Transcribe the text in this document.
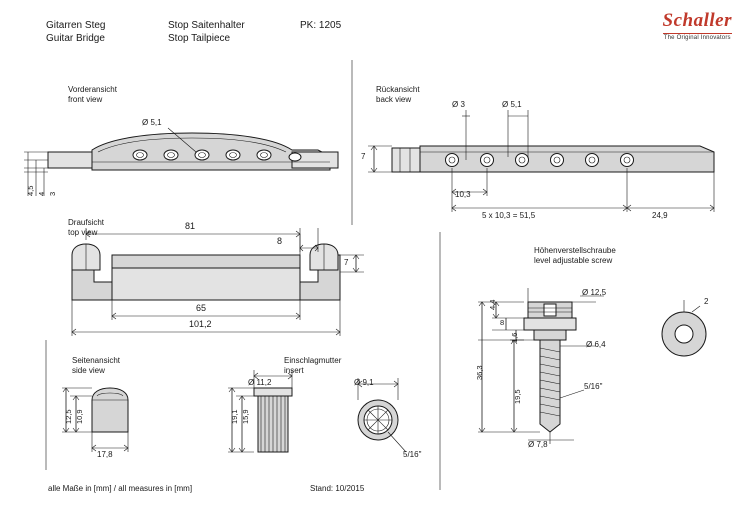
Gitarren Steg
Guitar Bridge
Stop Saitenhalter
Stop Tailpiece
PK: 1205	Schaller
The Original Innovators
Vorderansicht
front view
Ø 5,1
4,5 4 3
Rückansicht
back view
Ø 3	Ø 5,1
7
10,3
5 x 10,3 = 51,5	24,9
Draufsicht
top view
81
8
7
65
101,2
Seitenansicht
side view
12,5 10,9
17,8
Einschlagmutter
insert
Ø 11,2
19,1 15,9
Ø 9,1
5/16"
Höhenverstellschraube
level adjustable screw
Ø 12,5
4,4
8
1,6
Ø 6,4
36,3
19,5
5/16"
Ø 7,8
2
alle Maße in [mm] / all measures in [mm]	Stand: 10/2015
